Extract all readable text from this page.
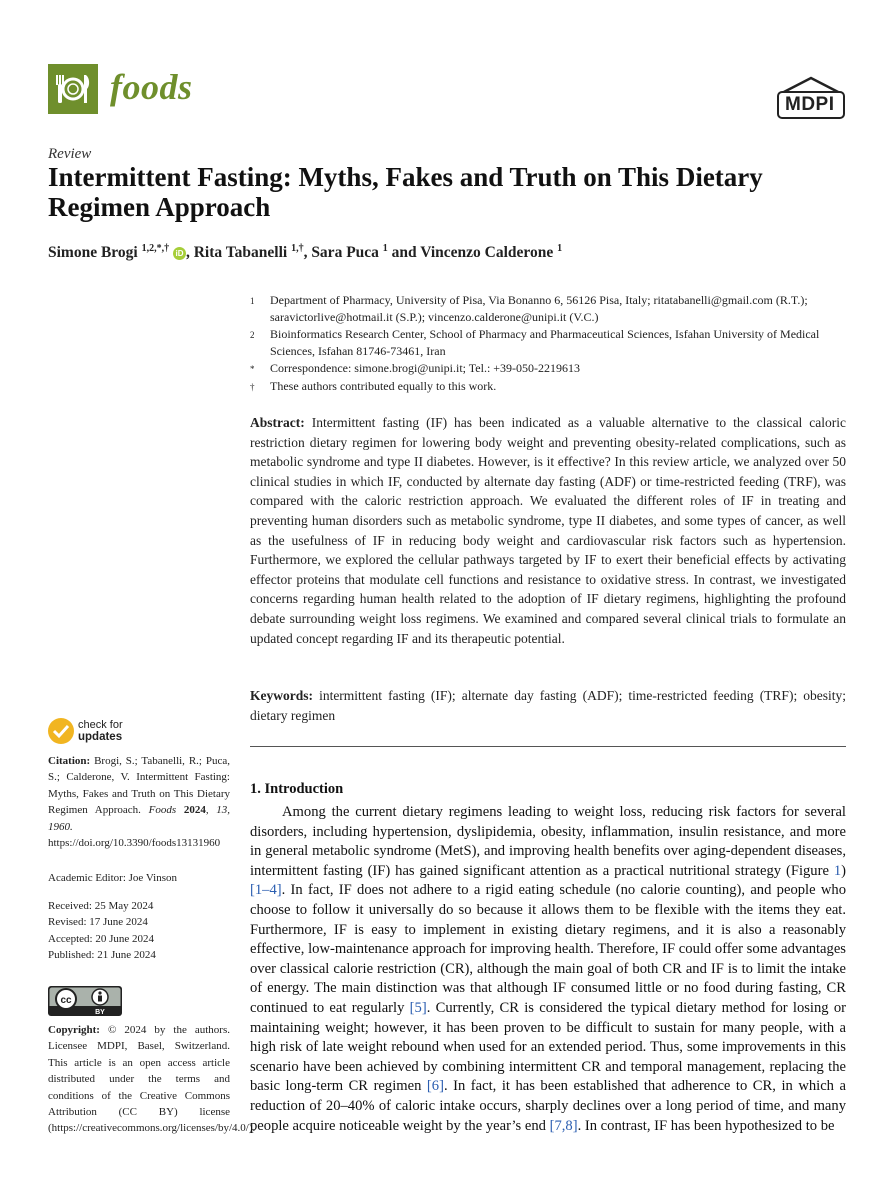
foods	MDPI
Review
Intermittent Fasting: Myths, Fakes and Truth on This Dietary Regimen Approach
Simone Brogi $^{1,2,*,\dagger}$ iD , Rita Tabanelli $^{1,\dagger}$, Sara Puca $^1$ and Vincenzo Calderone $^1$
1	Department of Pharmacy, University of Pisa, Via Bonanno 6, 56126 Pisa, Italy; ritatabanelli@gmail.com (R.T.); saravictorlive@hotmail.it (S.P.); vincenzo.calderone@unipi.it (V.C.)
2	Bioinformatics Research Center, School of Pharmacy and Pharmaceutical Sciences, Isfahan University of Medical Sciences, Isfahan 81746-73461, Iran
*	Correspondence: simone.brogi@unipi.it; Tel.: +39-050-2219613
†	These authors contributed equally to this work.
Abstract: Intermittent fasting (IF) has been indicated as a valuable alternative to the classical caloric restriction dietary regimen for lowering body weight and preventing obesity-related complications, such as metabolic syndrome and type II diabetes. However, is it effective? In this review article, we analyzed over 50 clinical studies in which IF, conducted by alternate day fasting (ADF) or time-restricted feeding (TRF), was compared with the caloric restriction approach. We evaluated the different roles of IF in treating and preventing human disorders such as metabolic syndrome, type II diabetes, and some types of cancer, as well as the usefulness of IF in reducing body weight and cardiovascular risk factors such as hypertension. Furthermore, we explored the cellular pathways targeted by IF to exert their beneficial effects by activating effector proteins that modulate cell functions and resistance to oxidative stress. In contrast, we investigated concerns regarding human health related to the adoption of IF dietary regimens, highlighting the profound debate surrounding weight loss regimens. We examined and compared several clinical trials to formulate an updated concept regarding IF and its therapeutic potential.
Keywords: intermittent fasting (IF); alternate day fasting (ADF); time-restricted feeding (TRF); obesity; dietary regimen
check for
updates
Citation: Brogi, S.; Tabanelli, R.; Puca, S.; Calderone, V. Intermittent Fasting: Myths, Fakes and Truth on This Dietary Regimen Approach. Foods 2024, 13, 1960. https://doi.org/10.3390/foods13131960
Academic Editor: Joe Vinson
Received: 25 May 2024
Revised: 17 June 2024
Accepted: 20 June 2024
Published: 21 June 2024
cc
BY
Copyright: © 2024 by the authors. Licensee MDPI, Basel, Switzerland. This article is an open access article distributed under the terms and conditions of the Creative Commons Attribution (CC BY) license (https://creativecommons.org/licenses/by/4.0/).
1. Introduction
Among the current dietary regimens leading to weight loss, reducing risk factors for several disorders, including hypertension, dyslipidemia, obesity, inflammation, insulin resistance, and more in general metabolic syndrome (MetS), and improving health benefits over aging-dependent diseases, intermittent fasting (IF) has gained significant attention as a practical nutritional strategy (Figure 1) [1–4]. In fact, IF does not adhere to a rigid eating schedule (no calorie counting), and people who choose to follow it universally do so because it allows them to be flexible with the items they eat. Furthermore, IF is easy to implement in existing dietary regimens, and it is also a reasonably effective, low-maintenance approach for improving health. Therefore, IF could offer some advantages over classical calorie restriction (CR), although the main goal of both CR and IF is to limit the intake of energy. The main distinction was that although IF consumed little or no food during fasting, CR continued to eat regularly [5]. Currently, CR is considered the typical dietary method for losing or maintaining weight; however, it has been proven to be difficult to sustain for many people, with a high risk of late weight rebound when used for an extended period. Thus, some improvements in this scenario have been achieved by combining intermittent CR and temporal management, replacing the basic long-term CR regimen [6]. In fact, it has been established that adherence to CR, in which a reduction of 20–40% of caloric intake occurs, sharply declines over a long period of time, and many people acquire noticeable weight by the year’s end [7,8]. In contrast, IF has been hypothesized to be
